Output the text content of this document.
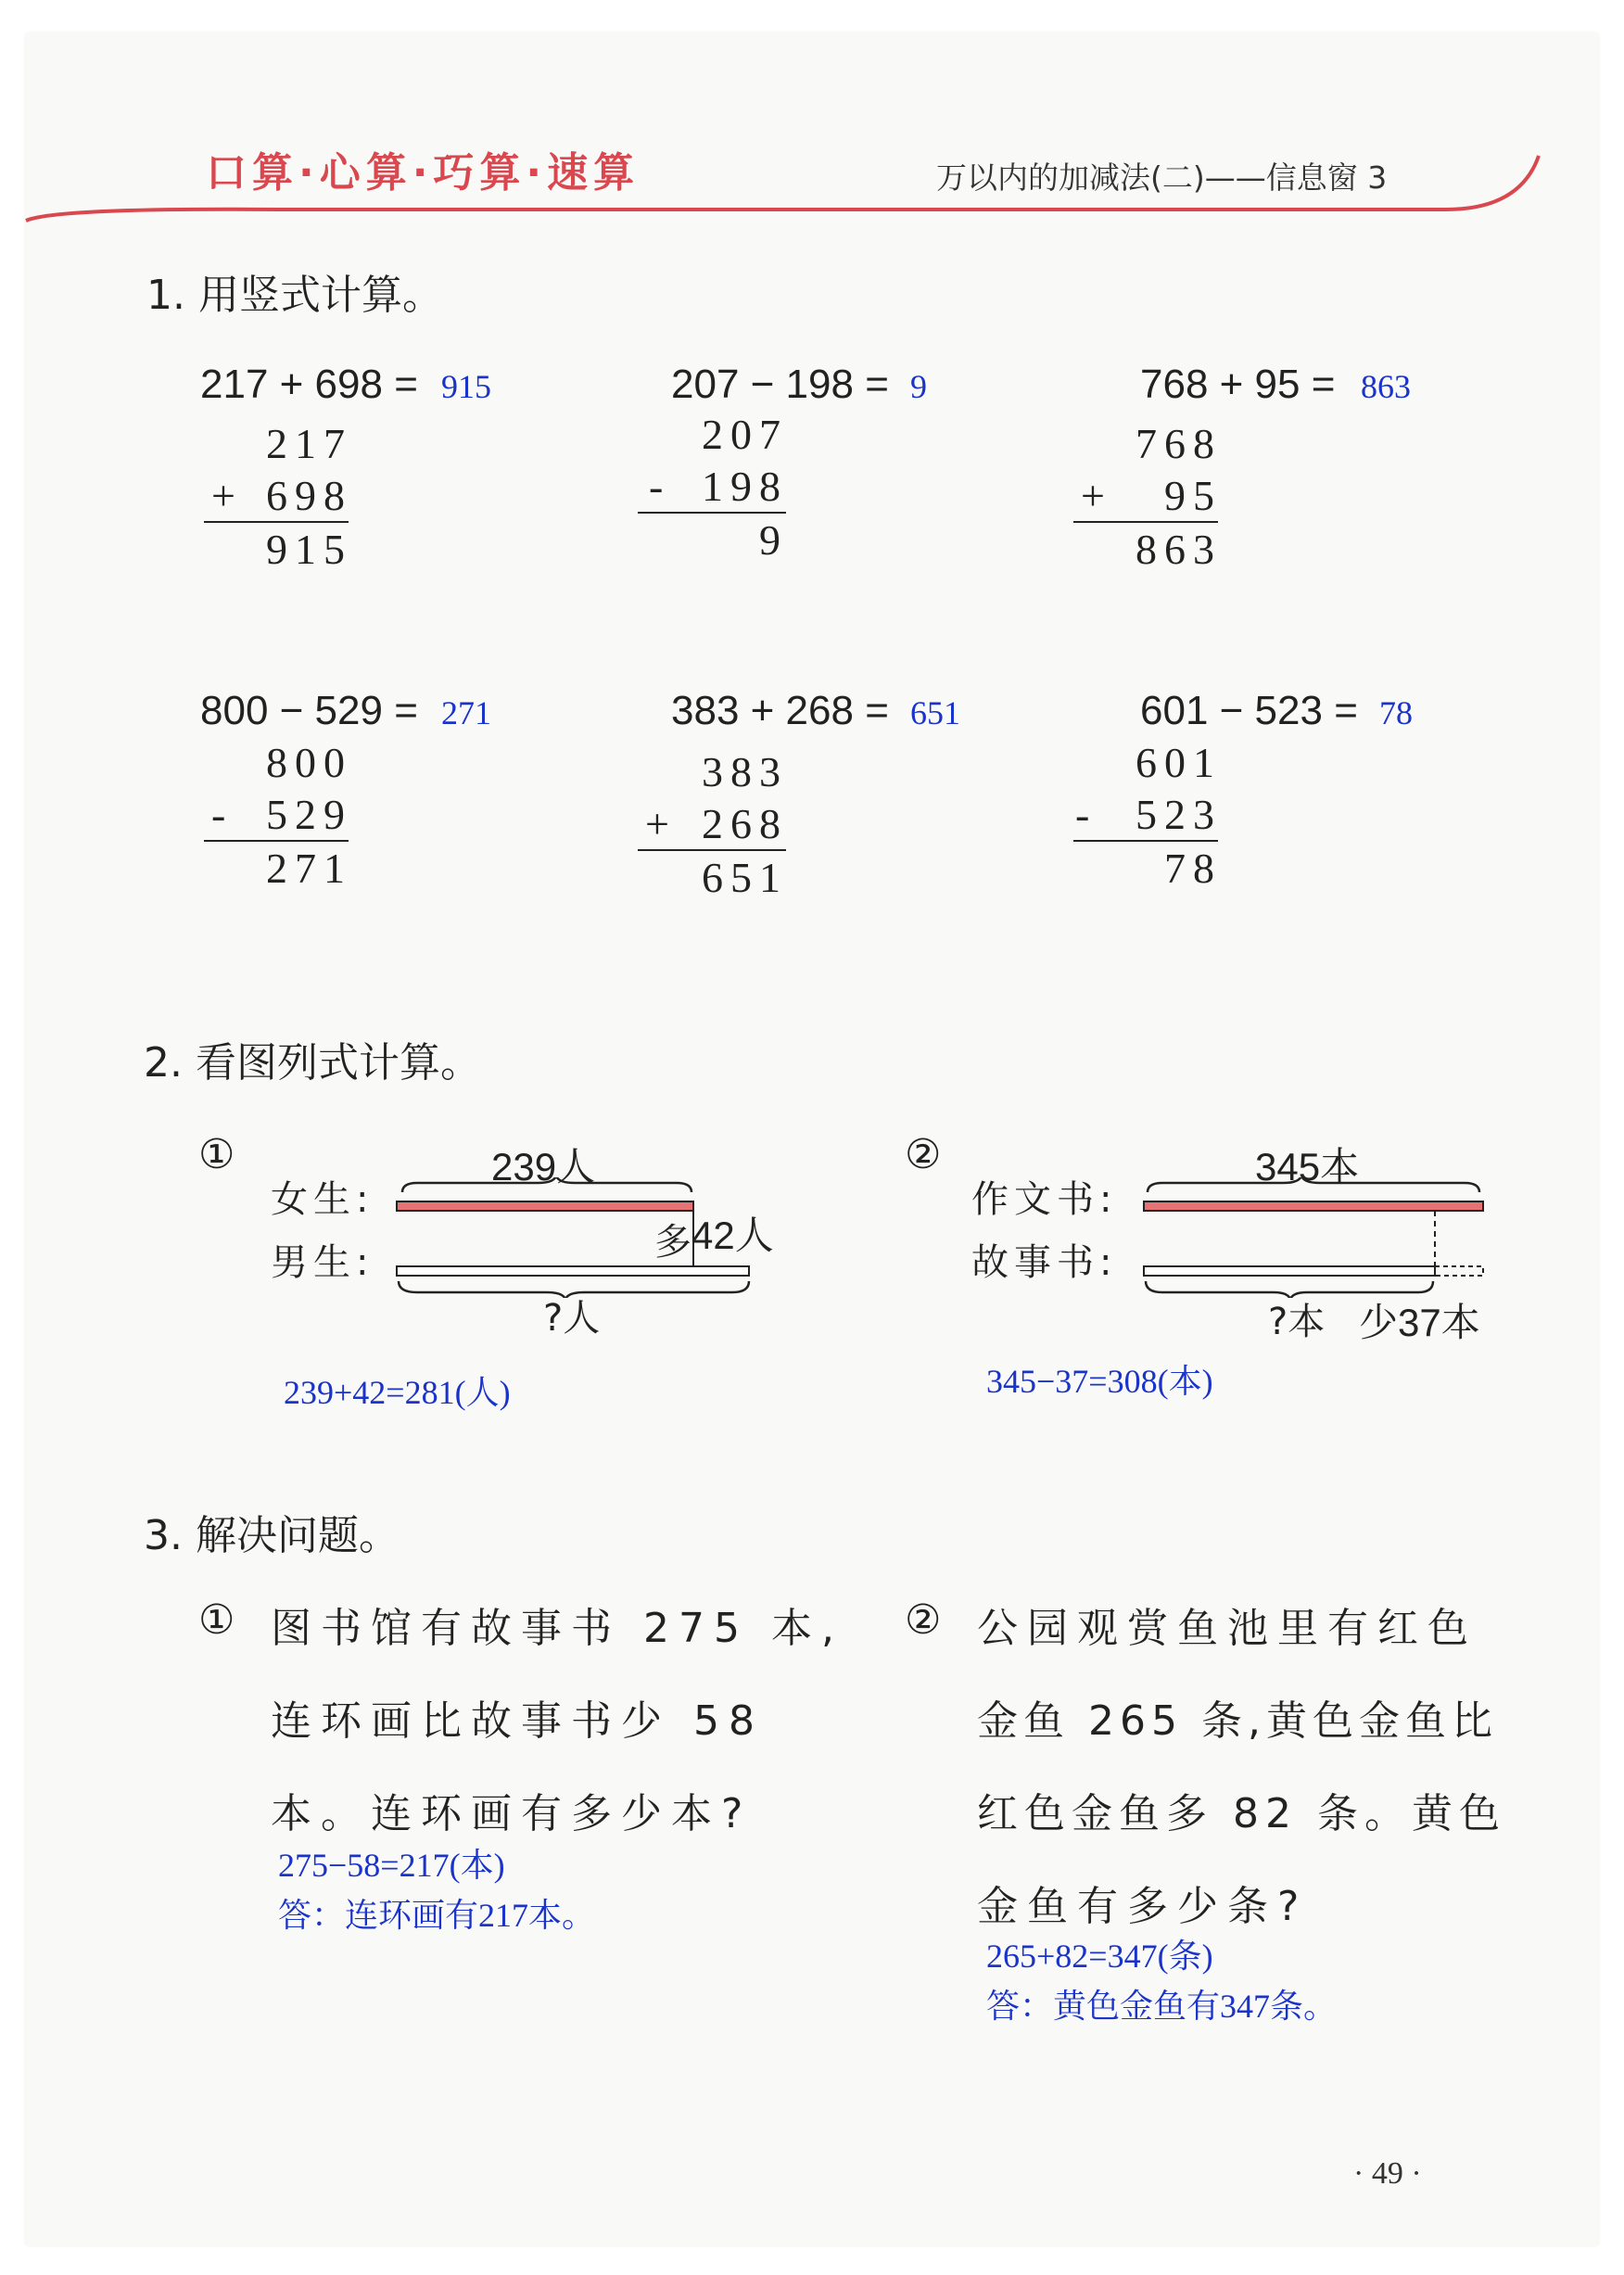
口算·心算·巧算·速算	万以内的加减法(二)——信息窗 3
1. 用竖式计算。
217 + 698 = 915
217
+ 698
915
207 − 198 = 9
207
- 198
9
768 + 95 = 863
768
+	95
863
800 − 529 = 271
800
- 529
271
383 + 268 = 651
383
+ 268
651
601 − 523 = 78
601
-	523
78
2. 看图列式计算。
①
女生:
男生:
239人
多 42人
?人
239+42=281(人)
②
作文书:
故事书:
345本
?本 少37本
345−37=308(本)
3. 解决问题。
① 图书馆有故事书 275 本,
连环画比故事书少 58
本。连环画有多少本?
275−58=217(本)
答：连环画有217本。
② 公园观赏鱼池里有红色
金鱼 265 条,黄色金鱼比
红色金鱼多 82 条。黄色
金鱼有多少条?
265+82=347(条)
答：黄色金鱼有347条。
· 49 ·
